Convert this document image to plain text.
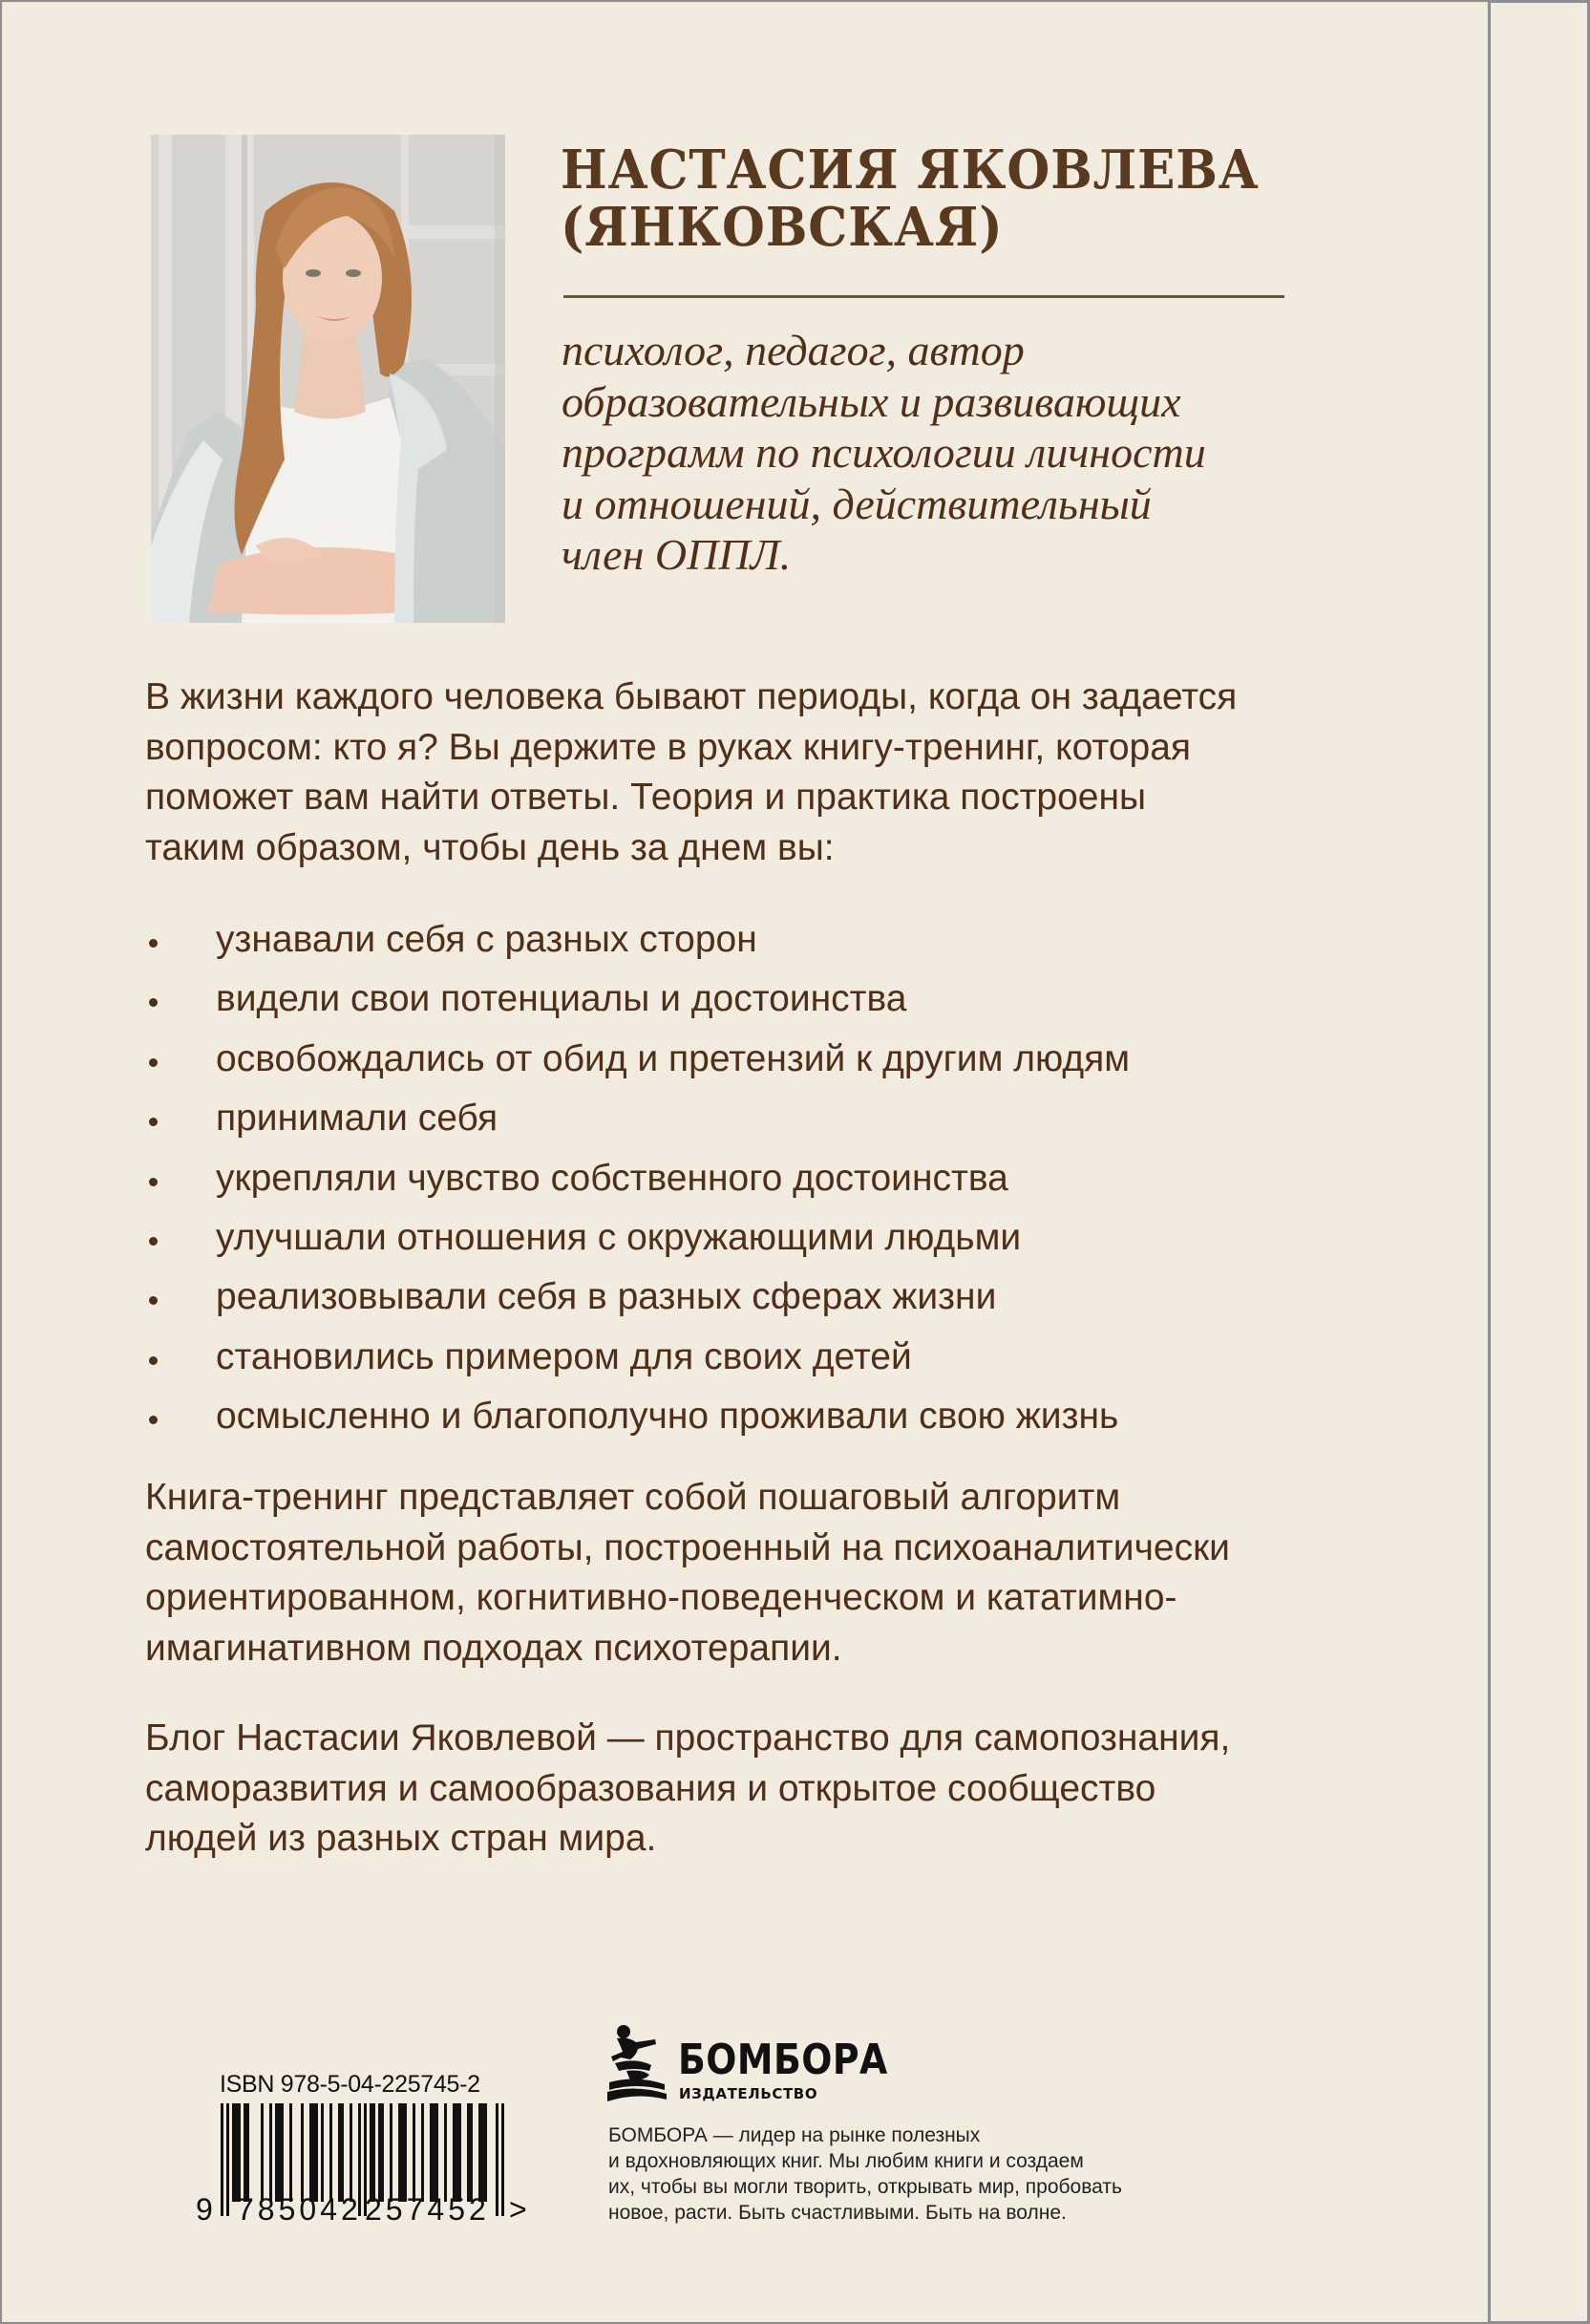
НАСТАСИЯ ЯКОВЛЕВА
(ЯНКОВСКАЯ)
психолог, педагог, автор
образовательных и развивающих
программ по психологии личности
и отношений, действительный
член ОППЛ.
В жизни каждого человека бывают периоды, когда он задается
вопросом: кто я? Вы держите в руках книгу-тренинг, которая
поможет вам найти ответы. Теория и практика построены
таким образом, чтобы день за днем вы:
узнавали себя с разных сторон
видели свои потенциалы и достоинства
освобождались от обид и претензий к другим людям
принимали себя
укрепляли чувство собственного достоинства
улучшали отношения с окружающими людьми
реализовывали себя в разных сферах жизни
становились примером для своих детей
осмысленно и благополучно проживали свою жизнь
Книга-тренинг представляет собой пошаговый алгоритм
самостоятельной работы, построенный на психоаналитически
ориентированном, когнитивно-поведенческом и кататимно-
имагинативном подходах психотерапии.
Блог Настасии Яковлевой — пространство для самопознания,
саморазвития и самообразования и открытое сообщество
людей из разных стран мира.
ISBN 978-5-04-225745-2
9 785042 257452 >
БОМБОРА
ИЗДАТЕЛЬСТВО
БОМБОРА — лидер на рынке полезных
и вдохновляющих книг. Мы любим книги и создаем
их, чтобы вы могли творить, открывать мир, пробовать
новое, расти. Быть счастливыми. Быть на волне.
